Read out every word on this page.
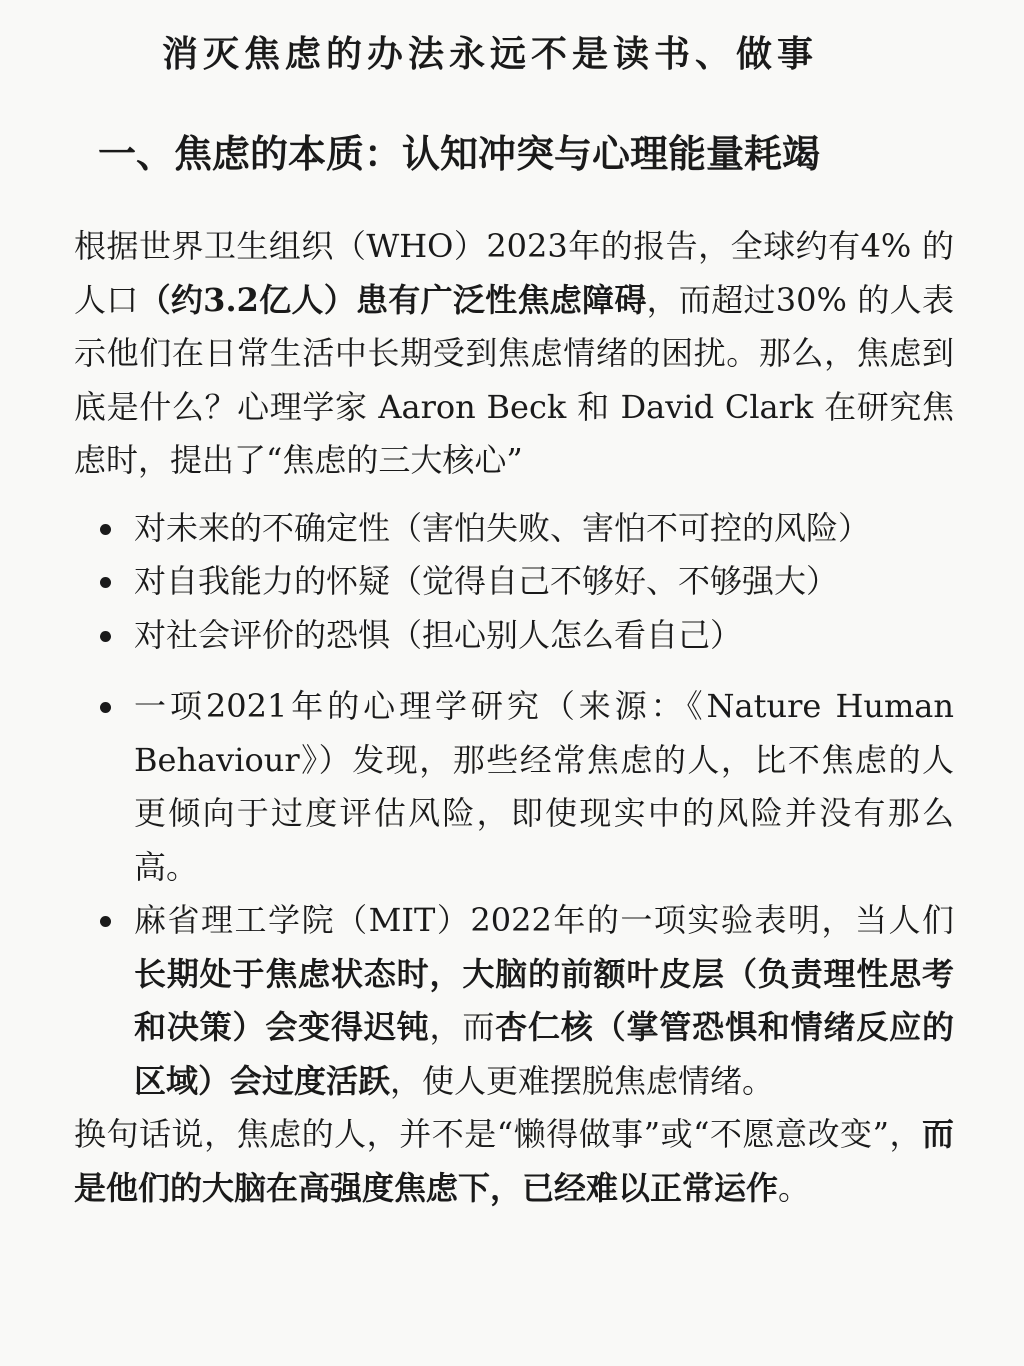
消灭焦虑的办法永远不是读书、做事
一、焦虑的本质：认知冲突与心理能量耗竭

根据世界卫生组织（WHO）2023年的报告，全球约有4% 的人口（约3.2亿人）患有广泛性焦虑障碍，而超过30% 的人表示他们在日常生活中长期受到焦虑情绪的困扰。那么，焦虑到底是什么？心理学家 Aaron Beck 和 David Clark 在研究焦虑时，提出了“焦虑的三大核心”

对未来的不确定性（害怕失败、害怕不可控的风险）
对自我能力的怀疑（觉得自己不够好、不够强大）
对社会评价的恐惧（担心别人怎么看自己）
一项2021年的心理学研究（来源：《Nature Human Behaviour》）发现，那些经常焦虑的人，比不焦虑的人更倾向于过度评估风险，即使现实中的风险并没有那么高。
麻省理工学院（MIT）2022年的一项实验表明，当人们长期处于焦虑状态时，大脑的前额叶皮层（负责理性思考和决策）会变得迟钝，而杏仁核（掌管恐惧和情绪反应的区域）会过度活跃，使人更难摆脱焦虑情绪。

换句话说，焦虑的人，并不是“懒得做事”或“不愿意改变”，而是他们的大脑在高强度焦虑下，已经难以正常运作。
